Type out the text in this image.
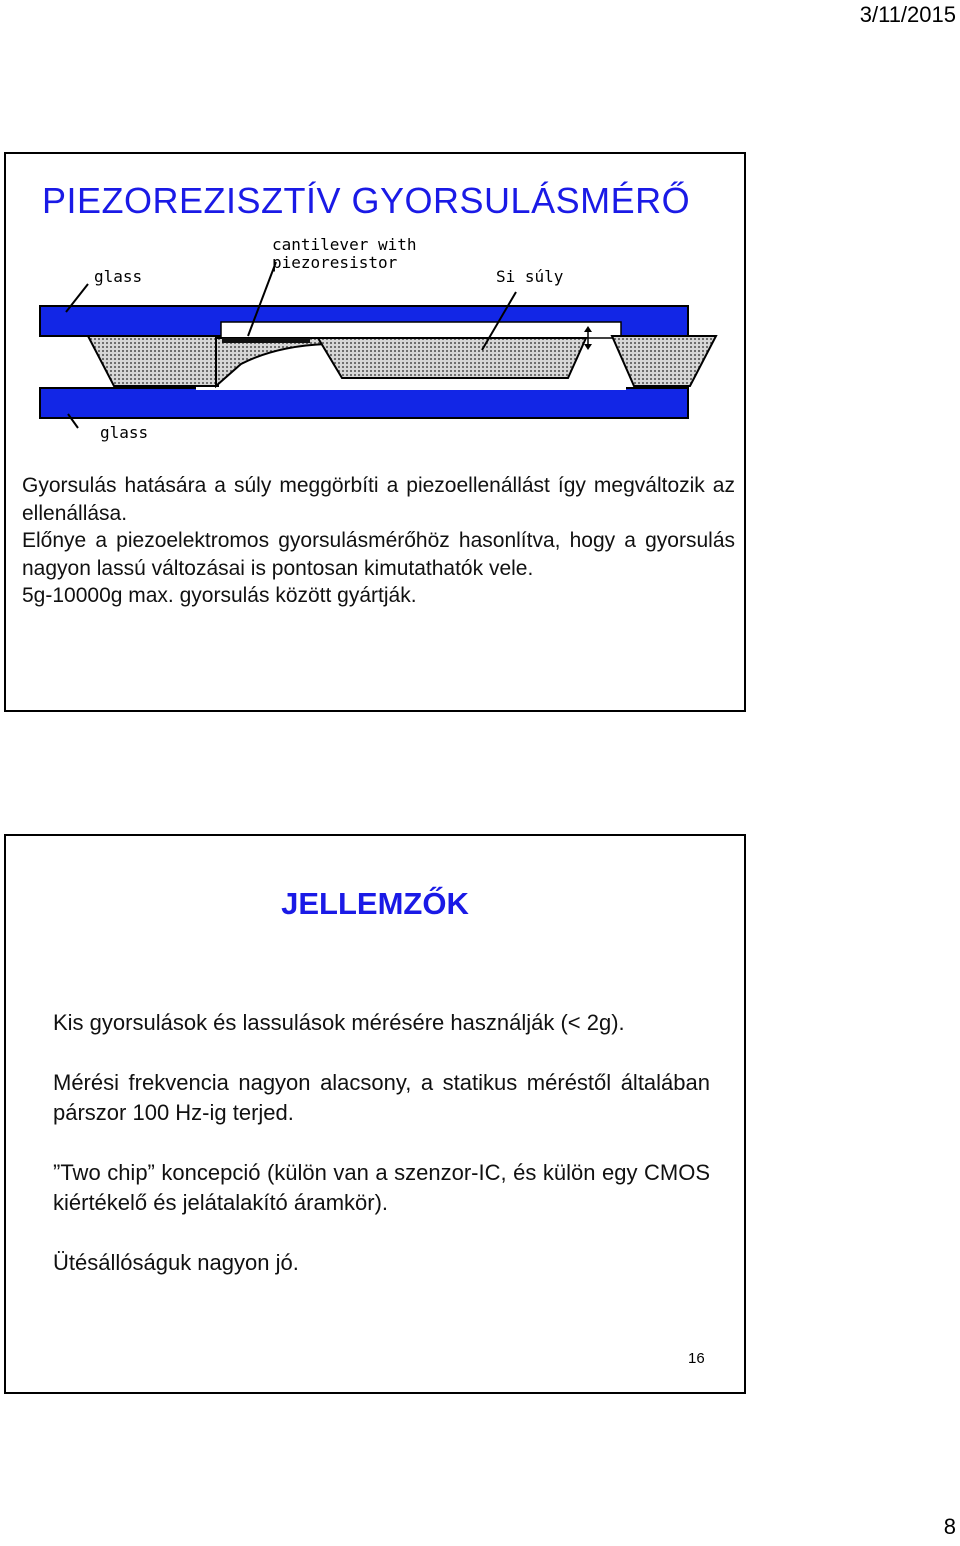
3/11/2015
PIEZOREZISZTÍV GYORSULÁSMÉRŐ
glass
cantilever with
piezoresistor
Si súly
glass

Gyorsulás hatására a súly meggörbíti a piezoellenállást így megváltozik az ellenállása.

Előnye a piezoelektromos gyorsulásmérőhöz hasonlítva, hogy a gyorsulás nagyon lassú változásai is pontosan kimutathatók vele.

5g-10000g max. gyorsulás között gyártják.

JELLEMZŐK

Kis gyorsulások és lassulások mérésére használják (< 2g).

Mérési frekvencia nagyon alacsony, a statikus méréstől általában párszor 100 Hz-ig terjed.

”Two chip” koncepció (külön van a szenzor-IC, és külön egy CMOS kiértékelő és jelátalakító áramkör).

Ütésállóságuk nagyon jó.

16
8
